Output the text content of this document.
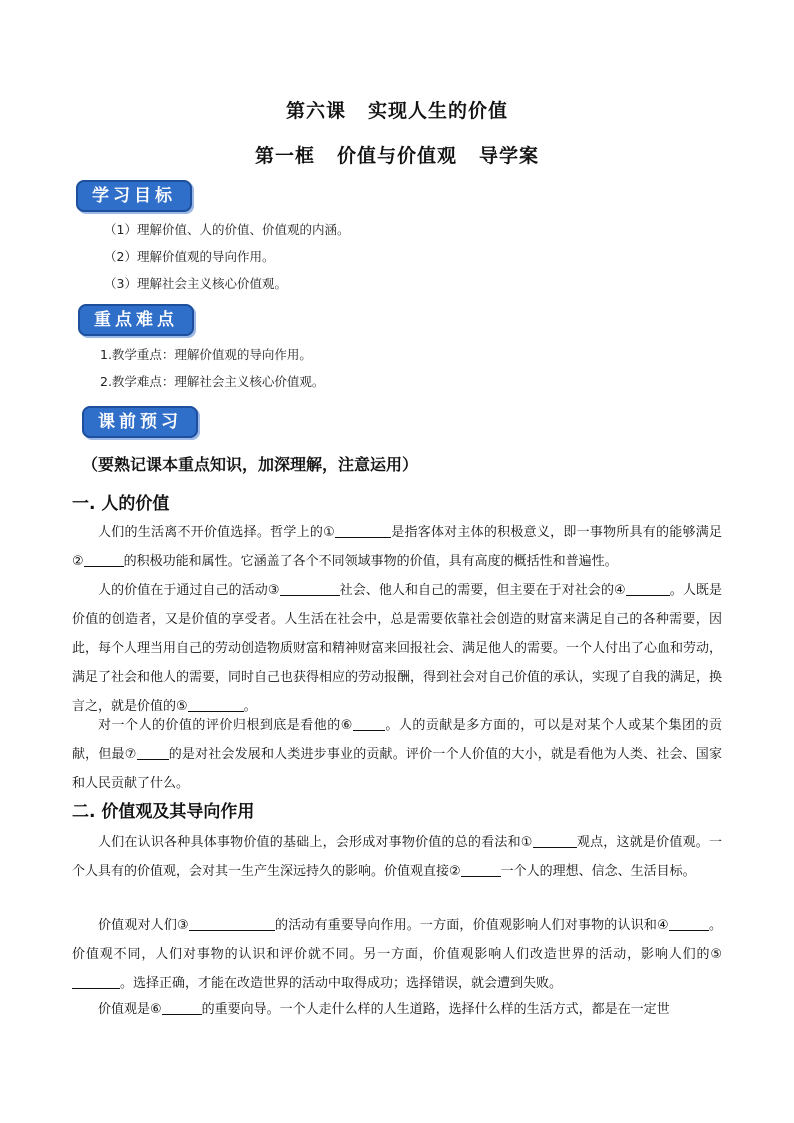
第六课 实现人生的价值
第一框 价值与价值观 导学案
学习目标
（1）理解价值、人的价值、价值观的内涵。
（2）理解价值观的导向作用。
（3）理解社会主义核心价值观。
重点难点
1.教学重点：理解价值观的导向作用。
2.教学难点：理解社会主义核心价值观。
课前预习
（要熟记课本重点知识，加深理解，注意运用）
一. 人的价值
人们的生活离不开价值选择。哲学上的①	是指客体对主体的积极意义，即一事物所具有的能够满足②	的积极功能和属性。它涵盖了各个不同领域事物的价值，具有高度的概括性和普遍性。
人的价值在于通过自己的活动③	社会、他人和自己的需要，但主要在于对社会的④	。人既是价值的创造者，又是价值的享受者。人生活在社会中，总是需要依靠社会创造的财富来满足自己的各种需要，因此，每个人理当用自己的劳动创造物质财富和精神财富来回报社会、满足他人的需要。一个人付出了心血和劳动，满足了社会和他人的需要，同时自己也获得相应的劳动报酬，得到社会对自己价值的承认，实现了自我的满足，换言之，就是价值的⑤	。
对一个人的价值的评价归根到底是看他的⑥ 。人的贡献是多方面的，可以是对某个人或某个集团的贡献，但最⑦ 的是对社会发展和人类进步事业的贡献。评价一个人价值的大小，就是看他为人类、社会、国家和人民贡献了什么。
二. 价值观及其导向作用
人们在认识各种具体事物价值的基础上，会形成对事物价值的总的看法和①	观点，这就是价值观。一个人具有的价值观，会对其一生产生深远持久的影响。价值观直接②	一个人的理想、信念、生活目标。
价值观对人们③	的活动有重要导向作用。一方面，价值观影响人们对事物的认识和④	。价值观不同，人们对事物的认识和评价就不同。另一方面，价值观影响人们改造世界的活动，影响人们的⑤。选择正确，才能在改造世界的活动中取得成功；选择错误，就会遭到失败。
价值观是⑥	的重要向导。一个人走什么样的人生道路，选择什么样的生活方式，都是在一定世
